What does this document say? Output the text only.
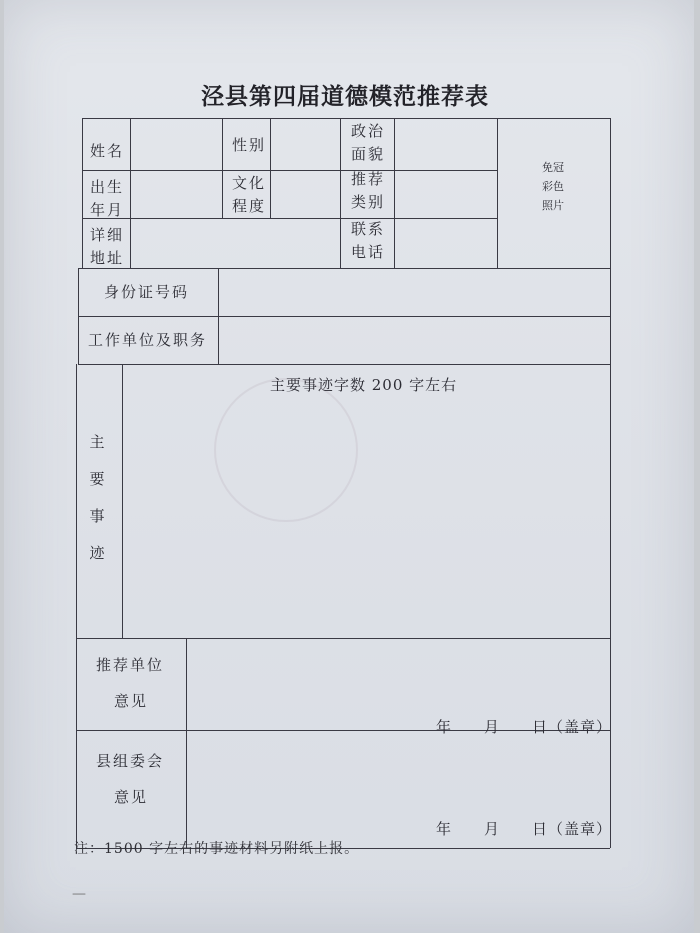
泾县第四届道德模范推荐表
姓名	性别
政治
面貌
出生
年月
文化
程度
推荐
类别
详细
地址
联系
电话
免冠
彩色
照片
身份证号码
工作单位及职务
主
要
事
迹
主要事迹字数 200 字左右
推荐单位
意见
年　　月　　日（盖章）
县组委会
意见
年　　月　　日（盖章）
注：1500 字左右的事迹材料另附纸上报。
—
